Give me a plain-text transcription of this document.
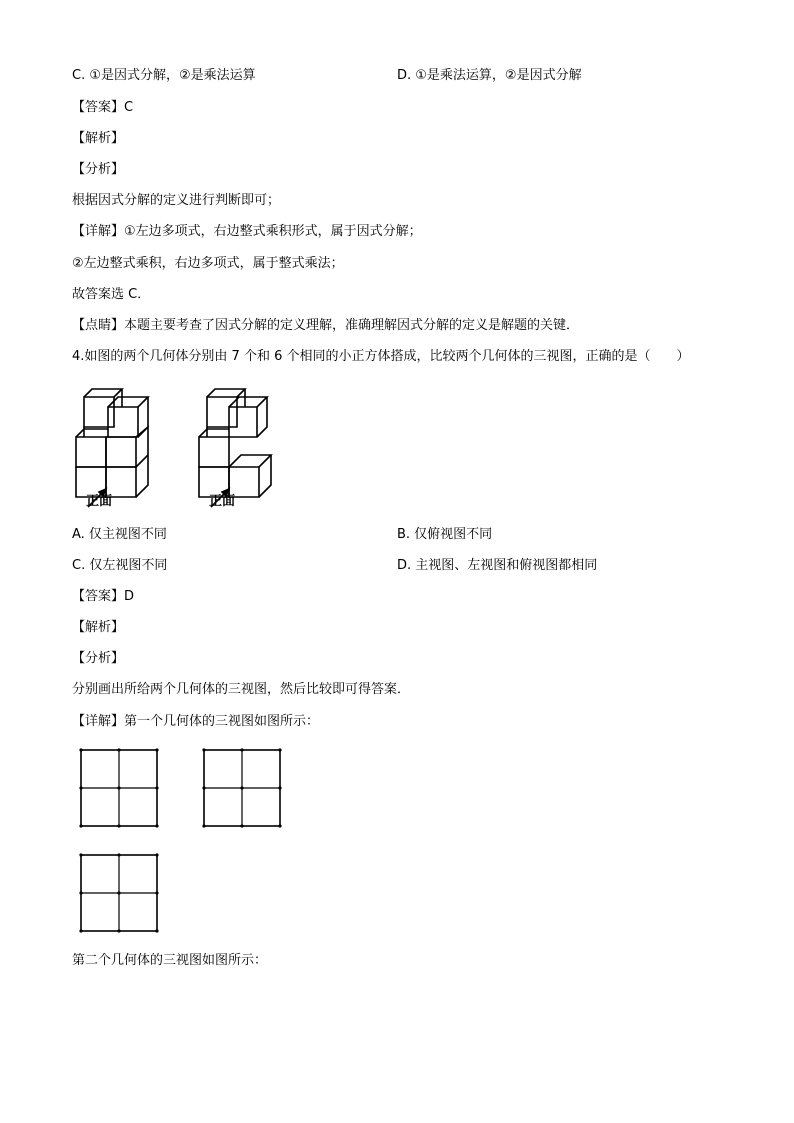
C. ①是因式分解，②是乘法运算	D. ①是乘法运算，②是因式分解
【答案】C
【解析】
【分析】
根据因式分解的定义进行判断即可；
【详解】①左边多项式，右边整式乘积形式，属于因式分解；
②左边整式乘积，右边多项式，属于整式乘法；
故答案选 C．
【点睛】本题主要考查了因式分解的定义理解，准确理解因式分解的定义是解题的关键．
4.如图的两个几何体分别由 7 个和 6 个相同的小正方体搭成，比较两个几何体的三视图，正确的是（　　）
正面	正面
A. 仅主视图不同	B. 仅俯视图不同
C. 仅左视图不同	D. 主视图、左视图和俯视图都相同
【答案】D
【解析】
【分析】
分别画出所给两个几何体的三视图，然后比较即可得答案．
【详解】第一个几何体的三视图如图所示：
第二个几何体的三视图如图所示：
